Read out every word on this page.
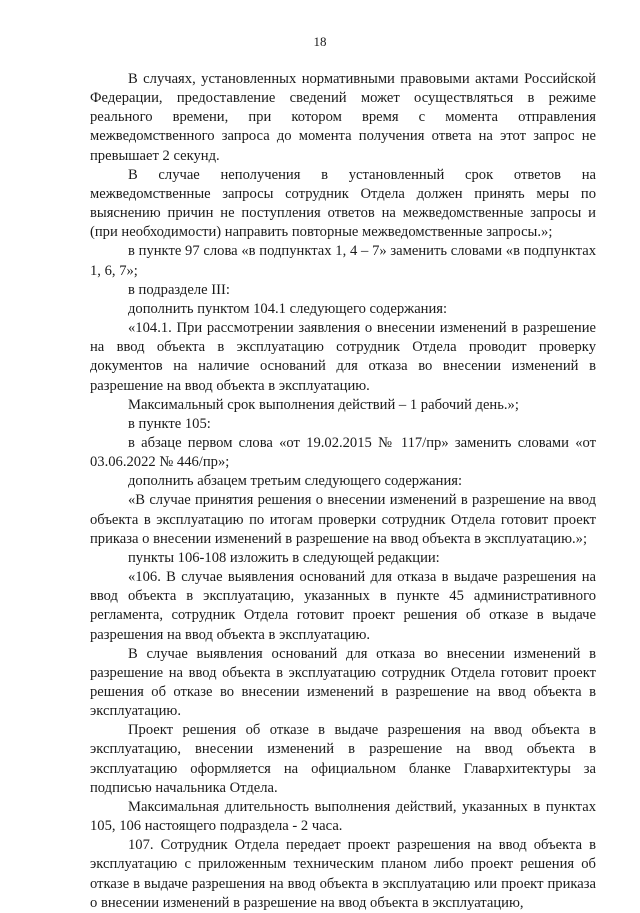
18

В случаях, установленных нормативными правовыми актами Российской Федерации, предоставление сведений может осуществляться в режиме реального времени, при котором время с момента отправления межведомственного запроса до момента получения ответа на этот запрос не превышает 2 секунд.

В случае неполучения в установленный срок ответов на межведомственные запросы сотрудник Отдела должен принять меры по выяснению причин не поступления ответов на межведомственные запросы и (при необходимости) направить повторные межведомственные запросы.»;

в пункте 97 слова «в подпунктах 1, 4 – 7» заменить словами «в подпунктах 1, 6, 7»;

в подразделе III:

дополнить пунктом 104.1 следующего содержания:

«104.1. При рассмотрении заявления о внесении изменений в разрешение на ввод объекта в эксплуатацию сотрудник Отдела проводит проверку документов на наличие оснований для отказа во внесении изменений в разрешение на ввод объекта в эксплуатацию.

Максимальный срок выполнения действий – 1 рабочий день.»;

в пункте 105:

в абзаце первом слова «от 19.02.2015 № 117/пр» заменить словами «от 03.06.2022 № 446/пр»;

дополнить абзацем третьим следующего содержания:

«В случае принятия решения о внесении изменений в разрешение на ввод объекта в эксплуатацию по итогам проверки сотрудник Отдела готовит проект приказа о внесении изменений в разрешение на ввод объекта в эксплуатацию.»;

пункты 106-108 изложить в следующей редакции:

«106. В случае выявления оснований для отказа в выдаче разрешения на ввод объекта в эксплуатацию, указанных в пункте 45 административного регламента, сотрудник Отдела готовит проект решения об отказе в выдаче разрешения на ввод объекта в эксплуатацию.

В случае выявления оснований для отказа во внесении изменений в разрешение на ввод объекта в эксплуатацию сотрудник Отдела готовит проект решения об отказе во внесении изменений в разрешение на ввод объекта в эксплуатацию.

Проект решения об отказе в выдаче разрешения на ввод объекта в эксплуатацию, внесении изменений в разрешение на ввод объекта в эксплуатацию оформляется на официальном бланке Главархитектуры за подписью начальника Отдела.

Максимальная длительность выполнения действий, указанных в пунктах 105, 106 настоящего подраздела - 2 часа.

107. Сотрудник Отдела передает проект разрешения на ввод объекта в эксплуатацию с приложенным техническим планом либо проект решения об отказе в выдаче разрешения на ввод объекта в эксплуатацию или проект приказа о внесении изменений в разрешение на ввод объекта в эксплуатацию,
